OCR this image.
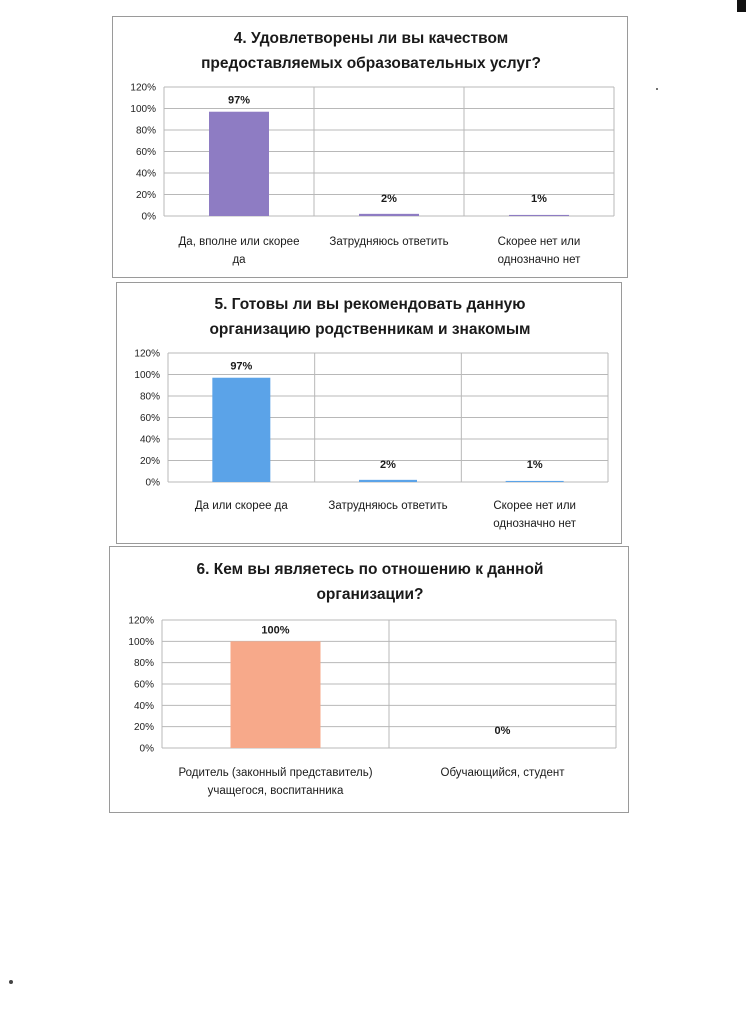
4. Удовлетворены ли вы качеством
предоставляемых образовательных услуг?
0%
20%
40%
60%
80%
100%
120%
97%
Да, вполне или скорее
да
2%
Затрудняюсь ответить
1%
Скорее нет или
однозначно нет
5. Готовы ли вы рекомендовать данную
организацию родственникам и знакомым
0%
20%
40%
60%
80%
100%
120%
97%
Да или скорее да
2%
Затрудняюсь ответить
1%
Скорее нет или
однозначно нет
6. Кем вы являетесь по отношению к данной
организации?
0%
20%
40%
60%
80%
100%
120%
100%
Родитель (законный представитель)
учащегося, воспитанника
0%
Обучающийся, студент
